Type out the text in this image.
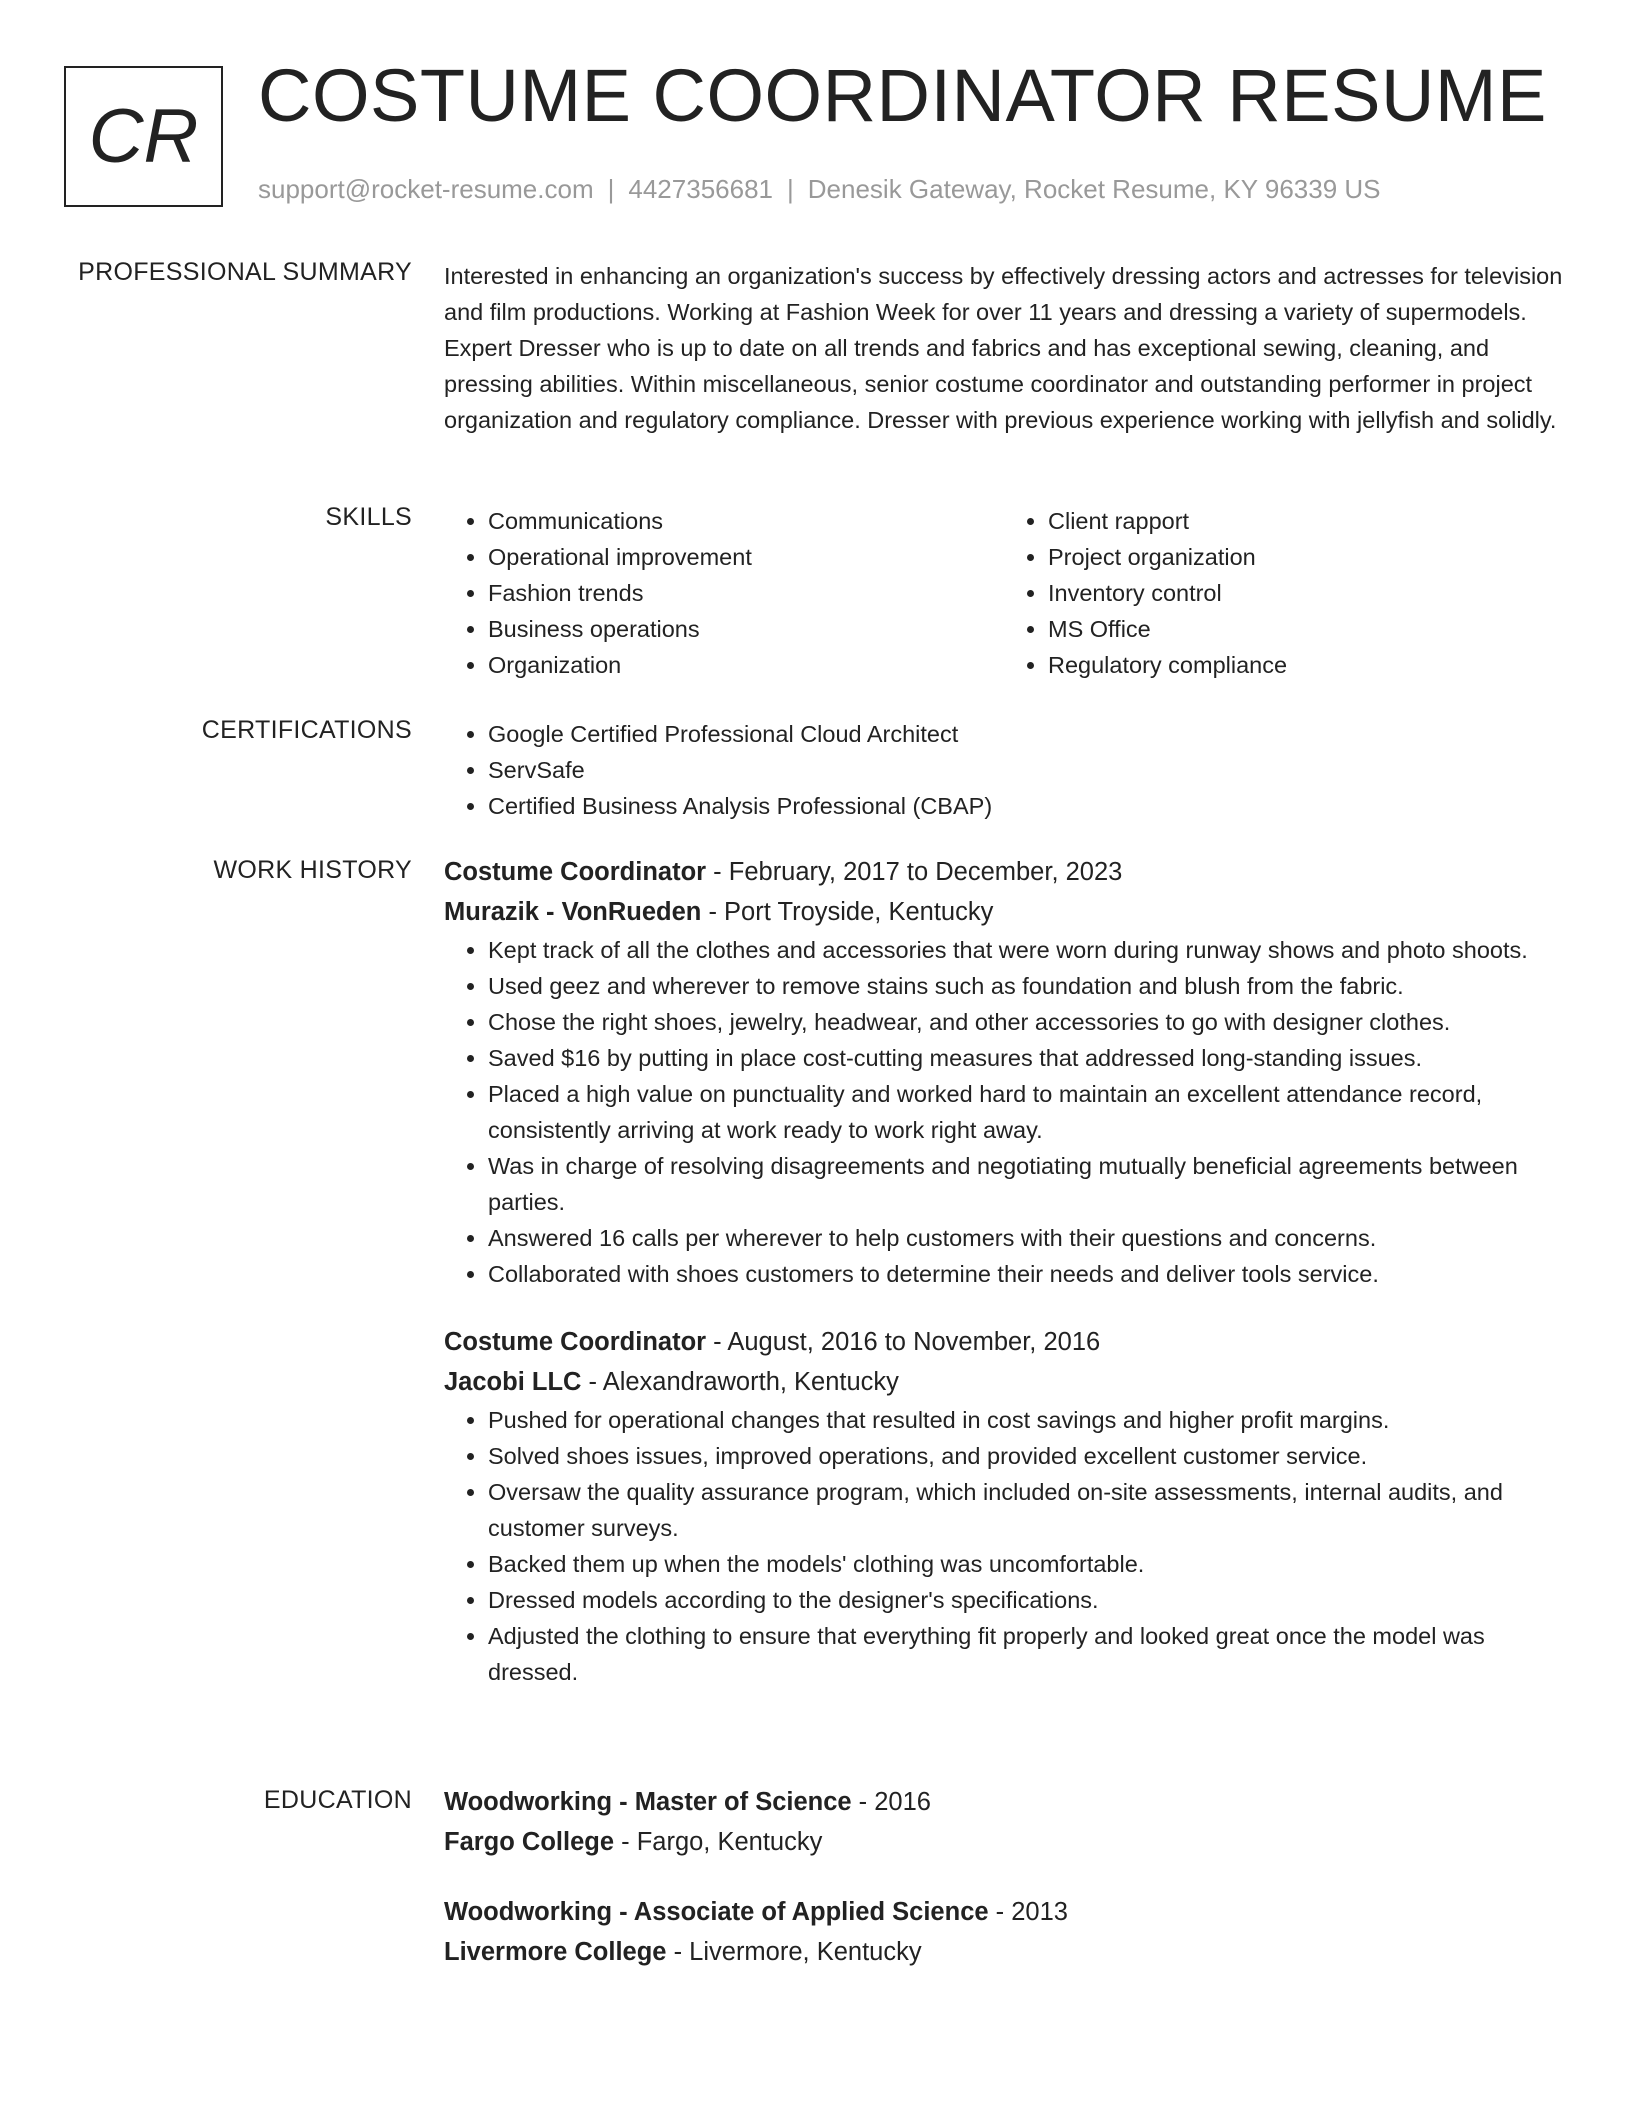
CR COSTUME COORDINATOR RESUME
support@rocket-resume.com | 4427356681 | Denesik Gateway, Rocket Resume, KY 96339 US
PROFESSIONAL SUMMARY Interested in enhancing an organization's success by effectively dressing actors and actresses for television and film productions. Working at Fashion Week for over 11 years and dressing a variety of supermodels. Expert Dresser who is up to date on all trends and fabrics and has exceptional sewing, cleaning, and pressing abilities. Within miscellaneous, senior costume coordinator and outstanding performer in project organization and regulatory compliance. Dresser with previous experience working with jellyfish and solidly.

SKILLS	• Communications
• Operational improvement
• Fashion trends
• Business operations
• Organization
• Client rapport
• Project organization
• Inventory control
• MS Office
• Regulatory compliance
CERTIFICATIONS	• Google Certified Professional Cloud Architect
• ServSafe
• Certified Business Analysis Professional (CBAP)
WORK HISTORY Costume Coordinator - February, 2017 to December, 2023
Murazik - VonRueden - Port Troyside, Kentucky
• Kept track of all the clothes and accessories that were worn during runway shows and photo shoots.
• Used geez and wherever to remove stains such as foundation and blush from the fabric.
• Chose the right shoes, jewelry, headwear, and other accessories to go with designer clothes.
• Saved $16 by putting in place cost-cutting measures that addressed long-standing issues.
• Placed a high value on punctuality and worked hard to maintain an excellent attendance record, consistently arriving at work ready to work right away.
• Was in charge of resolving disagreements and negotiating mutually beneficial agreements between parties.
• Answered 16 calls per wherever to help customers with their questions and concerns.
• Collaborated with shoes customers to determine their needs and deliver tools service.
Costume Coordinator - August, 2016 to November, 2016
Jacobi LLC - Alexandraworth, Kentucky
• Pushed for operational changes that resulted in cost savings and higher profit margins.
• Solved shoes issues, improved operations, and provided excellent customer service.
• Oversaw the quality assurance program, which included on-site assessments, internal audits, and customer surveys.
• Backed them up when the models' clothing was uncomfortable.
• Dressed models according to the designer's specifications.
• Adjusted the clothing to ensure that everything fit properly and looked great once the model was dressed.
EDUCATION Woodworking - Master of Science - 2016
Fargo College - Fargo, Kentucky
Woodworking - Associate of Applied Science - 2013
Livermore College - Livermore, Kentucky
